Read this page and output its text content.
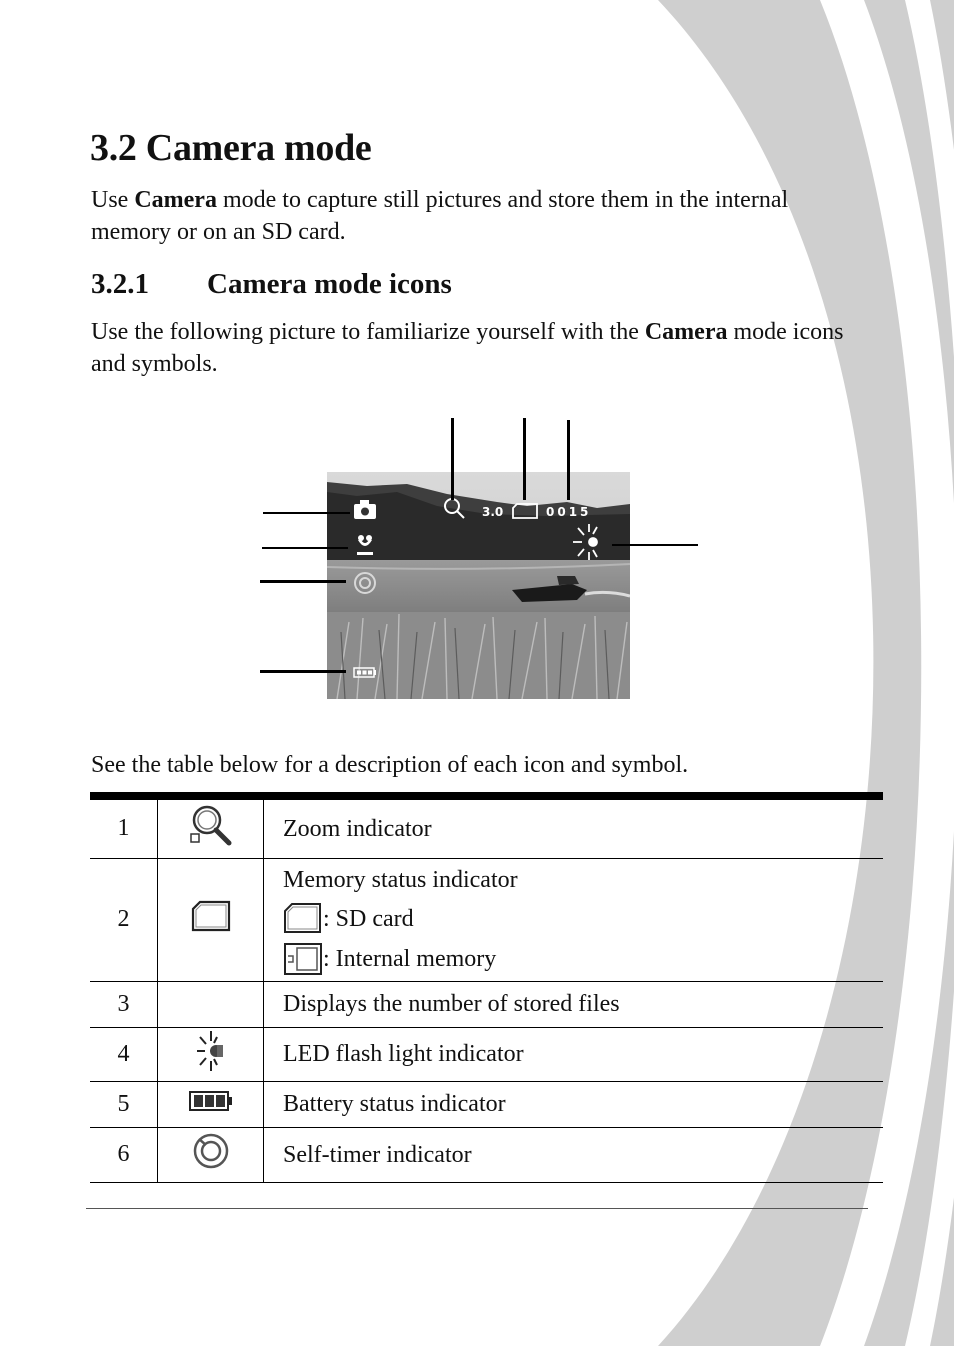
3.2 Camera mode

Use Camera mode to capture still pictures and store them in the internal memory or on an SD card.

3.2.1 Camera mode icons

Use the following picture to familiarize yourself with the Camera mode icons and symbols.

3.0	0015

See the table below for a description of each icon and symbol.

1		Zoom indicator
2		Memory status indicator
: SD card
: Internal memory

3		Displays the number of stored files
4		LED flash light indicator
5		Battery status indicator
6		Self-timer indicator
